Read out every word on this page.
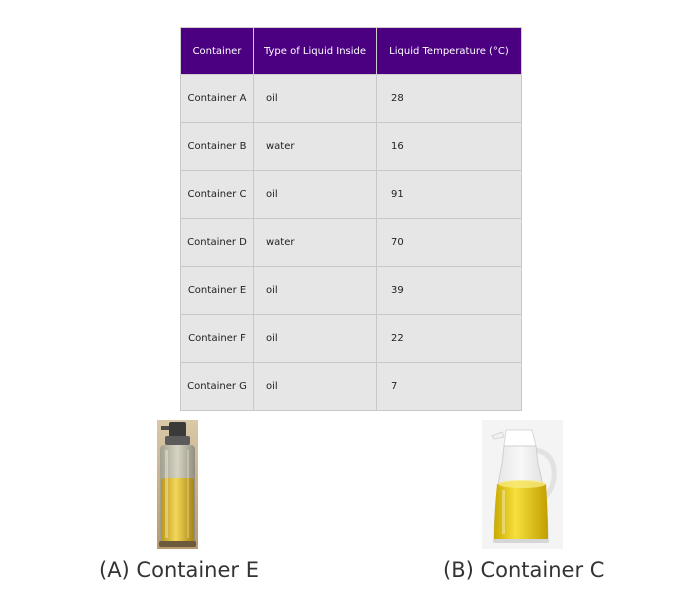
Container	Type of Liquid Inside	Liquid Temperature (°C)
Container A	oil	28
Container B	water	16
Container C	oil	91
Container D	water	70
Container E	oil	39
Container F	oil	22
Container G	oil	7
(A) Container E	(B) Container C
